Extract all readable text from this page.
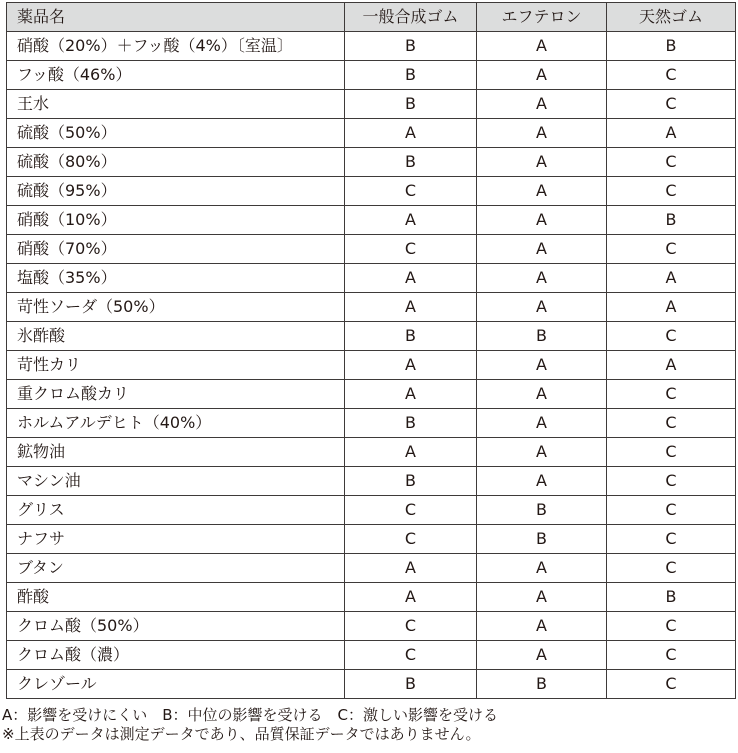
薬品名	一般合成ゴム	エフテロン	天然ゴム
硝酸（20%）＋フッ酸（4%）〔室温〕	B	A	B
フッ酸（46%）	B	A	C
王水	B	A	C
硫酸（50%）	A	A	A
硫酸（80%）	B	A	C
硫酸（95%）	C	A	C
硝酸（10%）	A	A	B
硝酸（70%）	C	A	C
塩酸（35%）	A	A	A
苛性ソーダ（50%）	A	A	A
氷酢酸	B	B	C
苛性カリ	A	A	A
重クロム酸カリ	A	A	C
ホルムアルデヒト（40%）	B	A	C
鉱物油	A	A	C
マシン油	B	A	C
グリス	C	B	C
ナフサ	C	B	C
ブタン	A	A	C
酢酸	A	A	B
クロム酸（50%）	C	A	C
クロム酸（濃）	C	A	C
クレゾール	B	B	C
A：影響を受けにくい　B：中位の影響を受ける　C：激しい影響を受ける
※上表のデータは測定データであり、品質保証データではありません。
